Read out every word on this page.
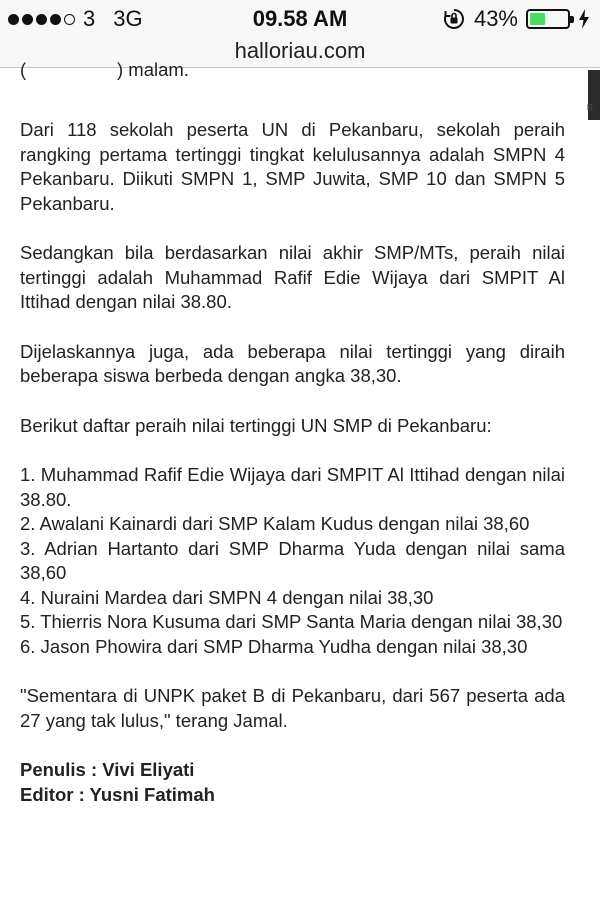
3 3G	09.58 AM	43%
halloriau.com
R.
(	) malam.

Dari 118 sekolah peserta UN di Pekanbaru, sekolah peraih rangking pertama tertinggi tingkat kelulusannya adalah SMPN 4 Pekanbaru. Diikuti SMPN 1, SMP Juwita, SMP 10 dan SMPN 5 Pekanbaru.

Sedangkan bila berdasarkan nilai akhir SMP/MTs, peraih nilai tertinggi adalah Muhammad Rafif Edie Wijaya dari SMPIT Al Ittihad dengan nilai 38.80.

Dijelaskannya juga, ada beberapa nilai tertinggi yang diraih beberapa siswa berbeda dengan angka 38,30.

Berikut daftar peraih nilai tertinggi UN SMP di Pekanbaru:

1. Muhammad Rafif Edie Wijaya dari SMPIT Al Ittihad dengan nilai 38.80.

2. Awalani Kainardi dari SMP Kalam Kudus dengan nilai 38,60

3. Adrian Hartanto dari SMP Dharma Yuda dengan nilai sama 38,60

4. Nuraini Mardea dari SMPN 4 dengan nilai 38,30

5. Thierris Nora Kusuma dari SMP Santa Maria dengan nilai 38,30

6. Jason Phowira dari SMP Dharma Yudha dengan nilai 38,30

"Sementara di UNPK paket B di Pekanbaru, dari 567 peserta ada 27 yang tak lulus," terang Jamal.

Penulis : Vivi Eliyati

Editor : Yusni Fatimah
